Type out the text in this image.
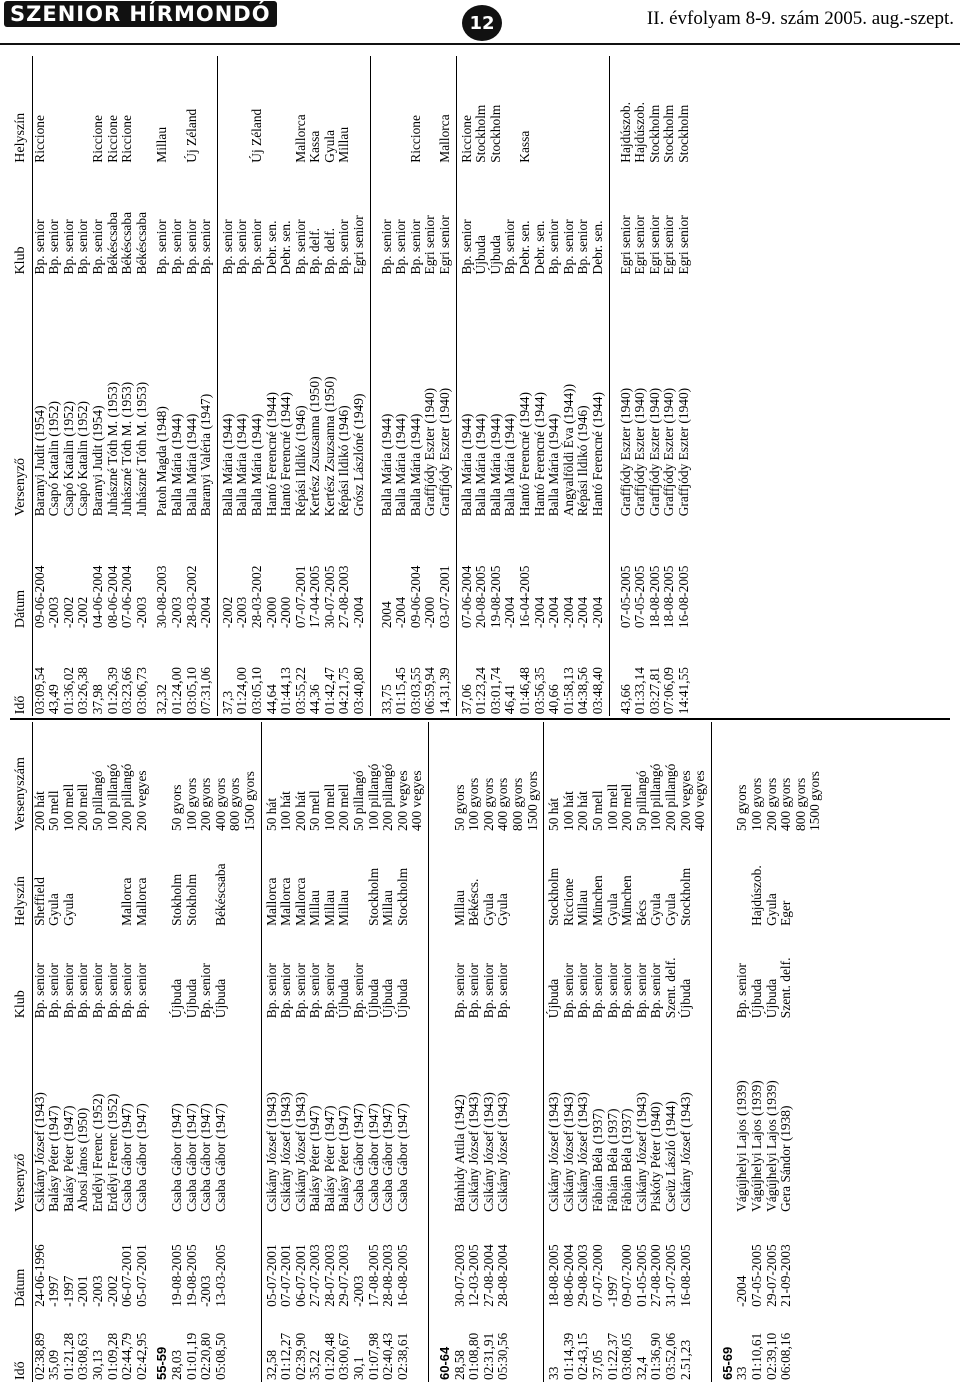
SZENIOR HÍRMONDÓ	12	II. évfolyam 8-9. szám 2005. aug.-szept.
Idő	Dátum	Versenyző	Klub	Helyszín	Versenyszám
02:38,89	24-06-1996	Csikány József (1943)	Bp. senior	Sheffield	200 hát
35,09	-1997	Balásy Péter (1947)	Bp. senior	Gyula	50 mell
01:21,28	-1997	Balásy Péter (1947)	Bp. senior	Gyula	100 mell
03:08,63	-2001	Abosi János (1950)	Bp. senior		200 mell
30,13	-2003	Erdélyi Ferenc (1952)	Bp. senior		50 pillangó
01:09,28	-2002	Erdélyi Ferenc (1952)	Bp. senior		100 pillangó
02:44,79	06-07-2001	Csaba Gábor (1947)	Bp. senior	Mallorca	200 pillangó
02:42,95	05-07-2001	Csaba Gábor (1947)	Bp. senior	Mallorca	200 vegyes
55-59					
28,03	19-08-2005	Csaba Gábor (1947)	Újbuda	Stokholm	50 gyors
01:01,19	19-08-2005	Csaba Gábor (1947)	Újbuda	Stokholm	100 gyors
02:20,80	-2003	Csaba Gábor (1947)	Bp. senior		200 gyors
05:08,50	13-03-2005	Csaba Gábor (1947)	Újbuda	Békéscsaba	400 gyors
					800 gyors
					1500 gyors

32,58	05-07-2001	Csikány József (1943)	Bp. senior	Mallorca	50 hát
01:12,27	07-07-2001	Csikány József (1943)	Bp. senior	Mallorca	100 hát
02:39,90	06-07-2001	Csikány József (1943)	Bp. senior	Mallorca	200 hát
35,22	27-07-2003	Balásy Péter (1947)	Bp. senior	Millau	50 mell
01:20,48	28-07-2003	Balásy Péter (1947)	Bp. senior	Millau	100 mell
03:00,67	29-07-2003	Balásy Péter (1947)	Újbuda	Millau	200 mell
30,1	-2003	Csaba Gábor (1947)	Bp. senior		50 pillangó
01:07,98	17-08-2005	Csaba Gábor (1947)	Újbuda	Stockholm	100 pillangó
02:40,43	28-08-2003	Csaba Gábor (1947)	Újbuda	Millau	200 pillangó
02:38,61	16-08-2005	Csaba Gábor (1947)	Újbuda	Stockholm	200 vegyes
					400 vegyes

60-64					
28,58	30-07-2003	Bánhidy Attila (1942)	Bp. senior	Millau	50 gyors
01:08,80	12-03-2005	Csikány József (1943)	Bp. senior	Békéscs.	100 gyors
02:31,91	27-08-2004	Csikány József (1943)	Bp. senior	Gyula	200 gyors
05:30,56	28-08-2004	Csikány József (1943)	Bp. senior	Gyula	400 gyors
					800 gyors
					1500 gyors

33	18-08-2005	Csikány József (1943)	Újbuda	Stockholm	50 hát
01:14,39	08-06-2004	Csikány József (1943)	Bp. senior	Riccione	100 hát
02:43,15	29-08-2003	Csikány József (1943)	Bp. senior	Millau	200 hát
37,05	07-07-2000	Fábián Béla (1937)	Bp. senior	München	50 mell
01:22,37	-1997	Fábián Béla (1937)	Bp. senior	Gyula	100 mell
03:08,05	09-07-2000	Fábián Béla (1937)	Bp. senior	München	200 mell
32,4	01-05-2005	Csikány József (1943)	Bp. senior	Bécs	50 pillangó
01:36,90	27-08-2000	Piskóty Péter (1940)	Bp. senior	Gyula	100 pillangó
03:52,06	31-07-2005	Cseüz László (1944)	Szent. delf.	Gyula	200 pillangó
2.51,23	16-08-2005	Csikány József (1943)	Újbuda	Stockholm	200 vegyes
					400 vegyes

65-69					
33	-2004	Vágújhelyi Lajos (1939)	Bp. senior		50 gyors
01:10,61	07-05-2005	Vágújhelyi Lajos (1939)	Újbuda	Hajdúszob.	100 gyors
02:39,10	29-07-2005	Vágújhelyi Lajos (1939)	Újbuda	Gyula	200 gyors
06:08,16	21-09-2003	Gera Sándor (1938)	Szent. delf.	Eger	400 gyors
					800 gyors
					1500 gyors
Idő	Dátum	Versenyző	Klub	Helyszín
03:09,54	09-06-2004	Baranyi Judit (1954)	Bp. senior	Riccione
43,49	-2003	Csapó Katalin (1952)	Bp. senior	
01:36,02	-2002	Csapó Katalin (1952)	Bp. senior	
03:26,38	-2002	Csapó Katalin (1952)	Bp. senior	
37,98	04-06-2004	Baranyi Judit (1954)	Bp. senior	Riccione
01:26,39	08-06-2004	Juhászné Tóth M. (1953)	Békéscsaba	Riccione
03:23,66	07-06-2004	Juhászné Tóth M. (1953)	Békéscsaba	Riccione
03:06,73	-2003	Juhászné Tóth M. (1953)	Békéscsaba	

32,32	30-08-2003	Patoh Magda (1948)	Bp. senior	Millau
01:24,00	-2003	Balla Mária (1944)	Bp. senior	
03:05,10	28-03-2002	Balla Mária (1944)	Bp. senior	Új Zéland
07:31,06	-2004	Baranyi Valéria (1947)	Bp. senior	

37,3	-2002	Balla Mária (1944)	Bp. senior	
01:24,00	-2003	Balla Mária (1944)	Bp. senior	
03:05,10	28-03-2002	Balla Mária (1944)	Bp. senior	Új Zéland
44,64	-2000	Hantó Ferencné (1944)	Debr. sen.	
01:44,13	-2000	Hantó Ferencné (1944)	Debr. sen.	
03:55,22	07-07-2001	Répási Ildikó (1946)	Bp. senior	Mallorca
44,36	17-04-2005	Kertész Zsuzsanna (1950)	Bp. delf.	Kassa
01:42,47	30-07-2005	Kertész Zsuzsanna (1950)	Bp. delf.	Gyula
04:21,75	27-08-2003	Répási Ildikó (1946)	Bp. senior	Millau
03:40,80	-2004	Grósz Lászlóné (1949)	Egri senior	

33,75	2004	Balla Mária (1944)	Bp. senior	
01:15,45	-2004	Balla Mária (1944)	Bp. senior	
03:03,55	09-06-2004	Balla Mária (1944)	Bp. senior	Riccione
06:59,94	-2000	Graffjódy Eszter (1940)	Egri senior	
14,31,39	03-07-2001	Graffjódy Eszter (1940)	Egri senior	Mallorca

37,06	07-06-2004	Balla Mária (1944)	Bp. senior	Riccione
01:23,24	20-08-2005	Balla Mária (1944)	Újbuda	Stockholm
03:01,74	19-08-2005	Balla Mária (1944)	Újbuda	Stockholm
46,41	-2004	Balla Mária (1944)	Bp. senior	
01:46,48	16-04-2005	Hantó Ferencné (1944)	Debr. sen.	Kassa
03:56,35	-2004	Hantó Ferencné (1944)	Debr. sen.	
40,66	-2004	Balla Mária (1944)	Bp. senior	
01:58,13	-2004	Angyalföldi Éva (1944))	Bp. senior	
04:38,56	-2004	Répási Ildikó (1946)	Bp. senior	
03:48,40	-2004	Hantó Ferencné (1944)	Debr. sen.	

43,66	07-05-2005	Graffjódy Eszter (1940)	Egri senior	Hajdúszob.
01:33,14	07-05-2005	Graffjódy Eszter (1940)	Egri senior	Hajdúszob.
03:27,81	18-08-2005	Graffjódy Eszter (1940)	Egri senior	Stockholm
07:06,09	18-08-2005	Graffjódy Eszter (1940)	Egri senior	Stockholm
14:41,55	16-08-2005	Graffjódy Eszter (1940)	Egri senior	Stockholm
